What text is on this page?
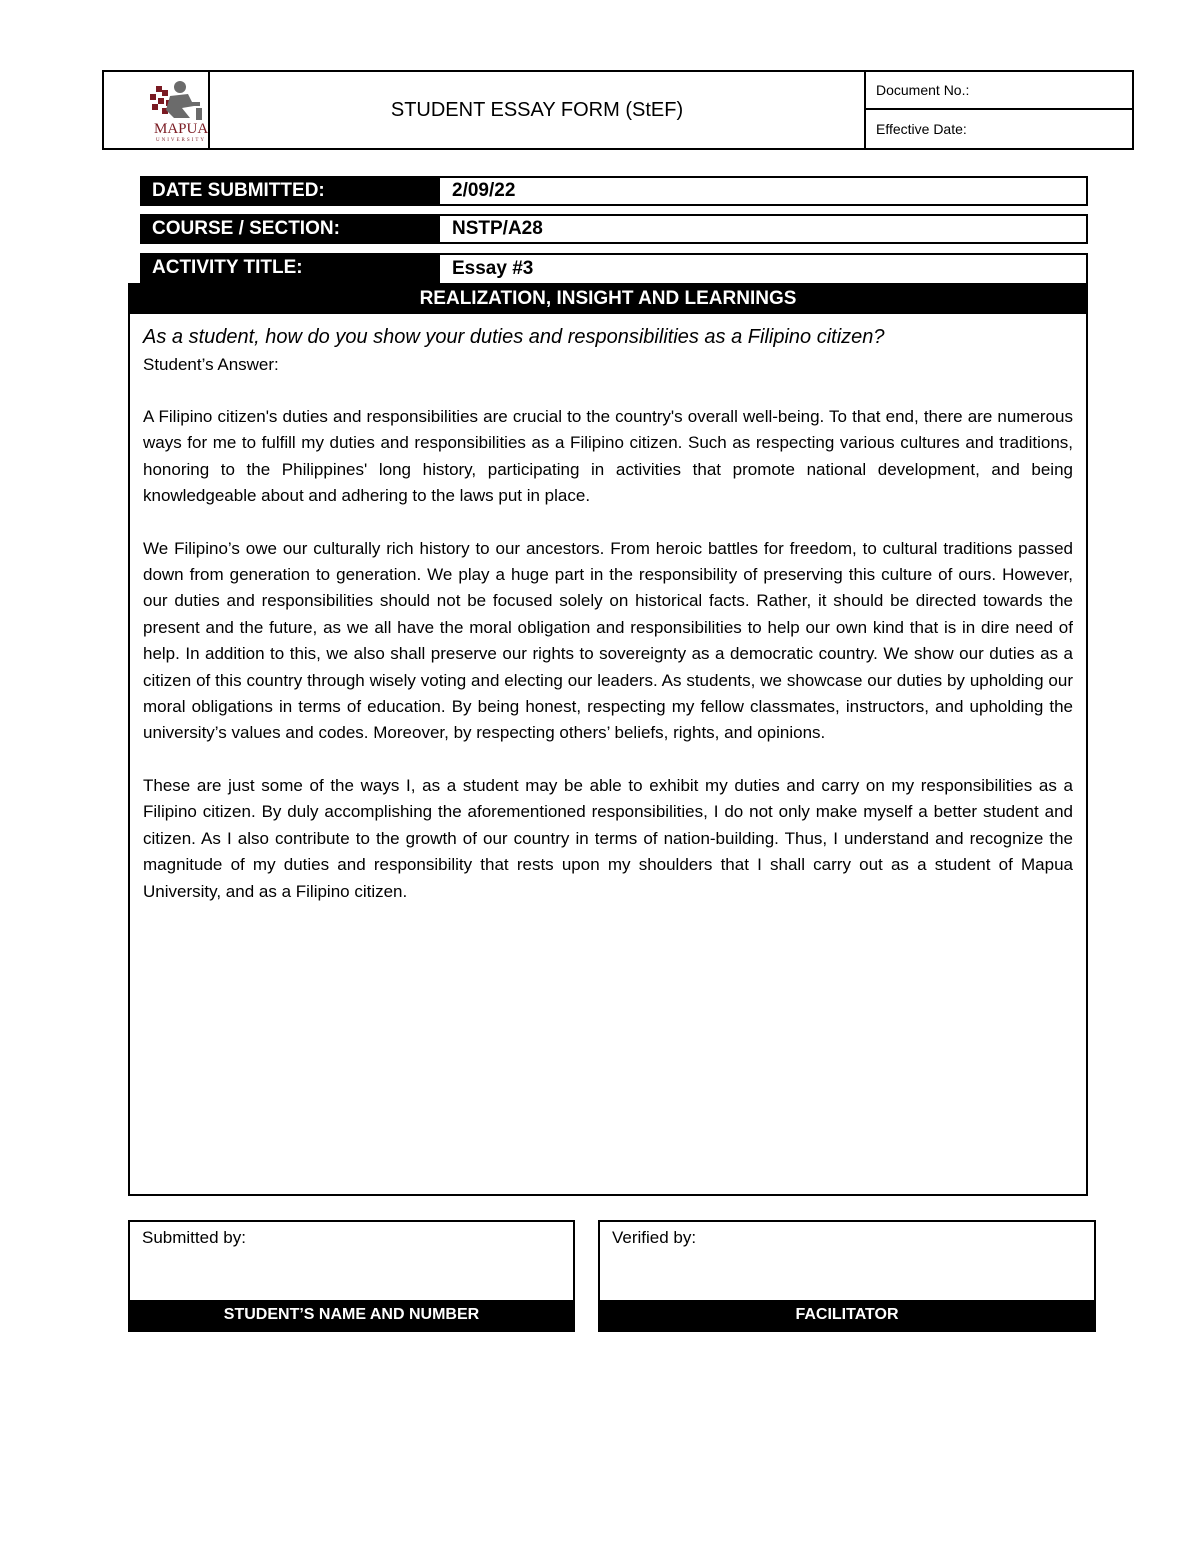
MAPUA
UNIVERSITY
STUDENT ESSAY FORM (StEF)
Document No.:
Effective Date:
DATE SUBMITTED:	2/09/22
COURSE / SECTION:	NSTP/A28
ACTIVITY TITLE:	Essay #3
REALIZATION, INSIGHT AND LEARNINGS

As a student, how do you show your duties and responsibilities as a Filipino citizen?

Student’s Answer:

A Filipino citizen's duties and responsibilities are crucial to the country's overall well-being. To that end, there are numerous ways for me to fulfill my duties and responsibilities as a Filipino citizen. Such as respecting various cultures and traditions, honoring to the Philippines' long history, participating in activities that promote national development, and being knowledgeable about and adhering to the laws put in place.

We Filipino’s owe our culturally rich history to our ancestors. From heroic battles for freedom, to cultural traditions passed down from generation to generation. We play a huge part in the responsibility of preserving this culture of ours. However, our duties and responsibilities should not be focused solely on historical facts. Rather, it should be directed towards the present and the future, as we all have the moral obligation and responsibilities to help our own kind that is in dire need of help. In addition to this, we also shall preserve our rights to sovereignty as a democratic country. We show our duties as a citizen of this country through wisely voting and electing our leaders. As students, we showcase our duties by upholding our moral obligations in terms of education. By being honest, respecting my fellow classmates, instructors, and upholding the university’s values and codes. Moreover, by respecting others’ beliefs, rights, and opinions.

These are just some of the ways I, as a student may be able to exhibit my duties and carry on my responsibilities as a Filipino citizen. By duly accomplishing the aforementioned responsibilities, I do not only make myself a better student and citizen. As I also contribute to the growth of our country in terms of nation-building. Thus, I understand and recognize the magnitude of my duties and responsibility that rests upon my shoulders that I shall carry out as a student of Mapua University, and as a Filipino citizen.

Submitted by:
STUDENT’S NAME AND NUMBER
Verified by:
FACILITATOR
